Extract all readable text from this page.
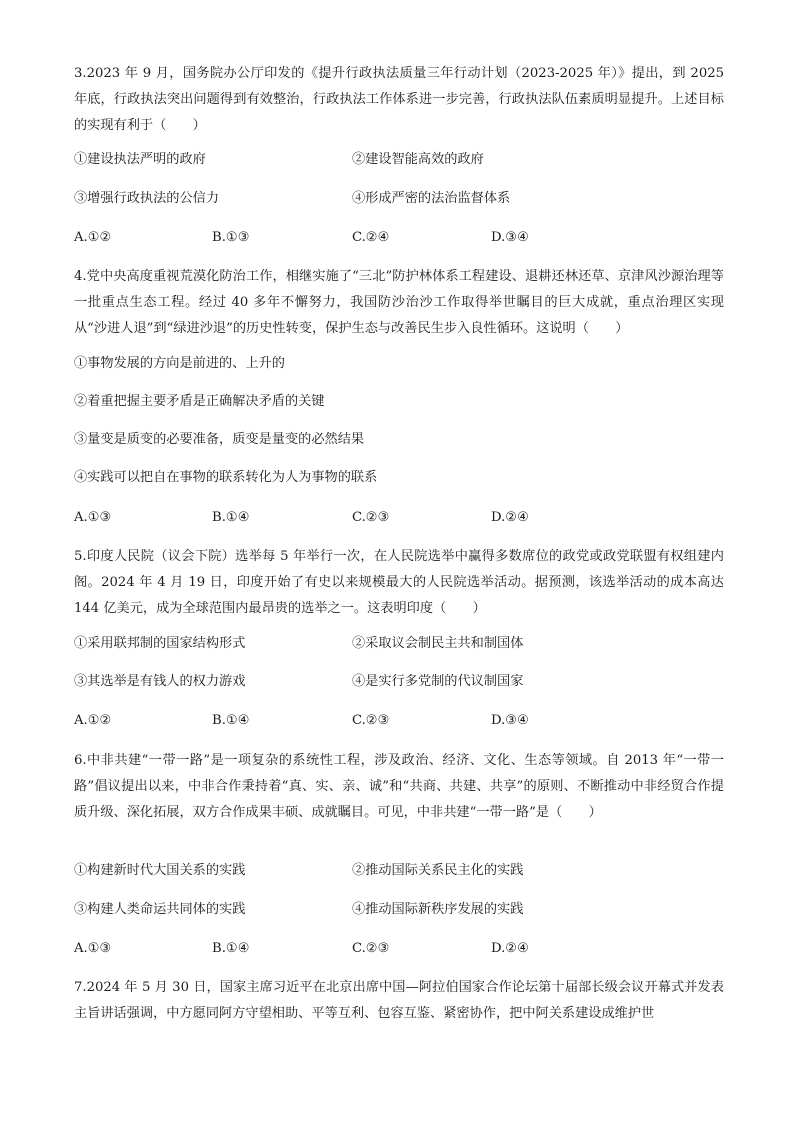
3.2023 年 9 月，国务院办公厅印发的《提升行政执法质量三年行动计划（2023-2025 年）》提出，到 2025 年底，行政执法突出问题得到有效整治，行政执法工作体系进一步完善，行政执法队伍素质明显提升。上述目标的实现有利于（　　）

①建设执法严明的政府	②建设智能高效的政府
③增强行政执法的公信力	④形成严密的法治监督体系
A.①②	B.①③	C.②④	D.③④

4.党中央高度重视荒漠化防治工作，相继实施了“三北”防护林体系工程建设、退耕还林还草、京津风沙源治理等一批重点生态工程。经过 40 多年不懈努力，我国防沙治沙工作取得举世瞩目的巨大成就，重点治理区实现从“沙进人退”到“绿进沙退”的历史性转变，保护生态与改善民生步入良性循环。这说明（　　）

①事物发展的方向是前进的、上升的
②着重把握主要矛盾是正确解决矛盾的关键
③量变是质变的必要准备，质变是量变的必然结果
④实践可以把自在事物的联系转化为人为事物的联系
A.①③	B.①④	C.②③	D.②④

5.印度人民院（议会下院）选举每 5 年举行一次，在人民院选举中赢得多数席位的政党或政党联盟有权组建内阁。2024 年 4 月 19 日，印度开始了有史以来规模最大的人民院选举活动。据预测，该选举活动的成本高达 144 亿美元，成为全球范围内最昂贵的选举之一。这表明印度（　　）

①采用联邦制的国家结构形式	②采取议会制民主共和制国体
③其选举是有钱人的权力游戏	④是实行多党制的代议制国家
A.①②	B.①④	C.②③	D.③④

6.中非共建“一带一路”是一项复杂的系统性工程，涉及政治、经济、文化、生态等领域。自 2013 年“一带一路”倡议提出以来，中非合作秉持着“真、实、亲、诚”和“共商、共建、共享”的原则、不断推动中非经贸合作提质升级、深化拓展，双方合作成果丰硕、成就瞩目。可见，中非共建“一带一路”是（　　）

①构建新时代大国关系的实践	②推动国际关系民主化的实践
③构建人类命运共同体的实践	④推动国际新秩序发展的实践
A.①③	B.①④	C.②③	D.②④

7.2024 年 5 月 30 日，国家主席习近平在北京出席中国—阿拉伯国家合作论坛第十届部长级会议开幕式并发表主旨讲话强调，中方愿同阿方守望相助、平等互利、包容互鉴、紧密协作，把中阿关系建设成维护世
